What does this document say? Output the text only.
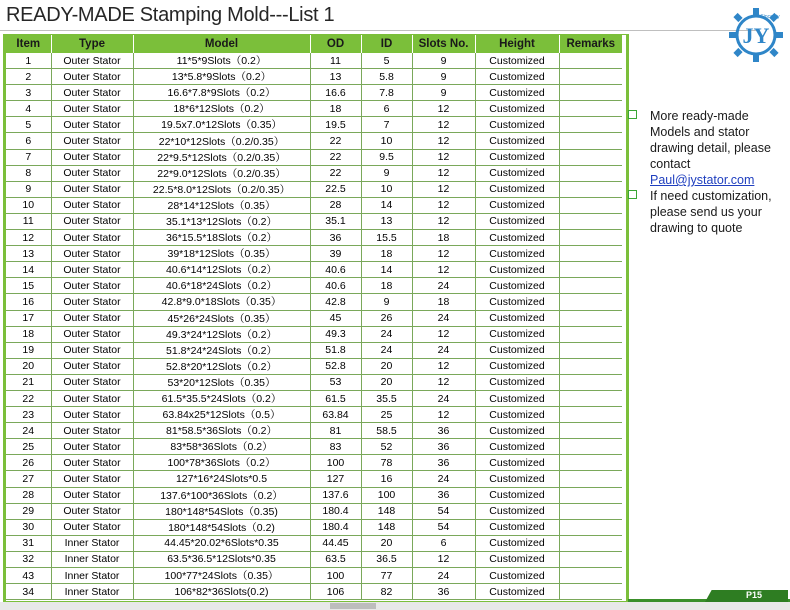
READY-MADE Stamping Mold---List 1
JY
Sincerity
Item	Type	Model	OD	ID	Slots No.	Height	Remarks
1	Outer Stator	11*5*9Slots（0.2）	11	5	9	Customized	
2	Outer Stator	13*5.8*9Slots（0.2）	13	5.8	9	Customized	
3	Outer Stator	16.6*7.8*9Slots（0.2）	16.6	7.8	9	Customized	
4	Outer Stator	18*6*12Slots（0.2）	18	6	12	Customized	
5	Outer Stator	19.5x7.0*12Slots（0.35）	19.5	7	12	Customized	
6	Outer Stator	22*10*12Slots（0.2/0.35）	22	10	12	Customized	
7	Outer Stator	22*9.5*12Slots（0.2/0.35）	22	9.5	12	Customized	
8	Outer Stator	22*9.0*12Slots（0.2/0.35）	22	9	12	Customized	
9	Outer Stator	22.5*8.0*12Slots（0.2/0.35）	22.5	10	12	Customized	
10	Outer Stator	28*14*12Slots（0.35）	28	14	12	Customized	
11	Outer Stator	35.1*13*12Slots（0.2）	35.1	13	12	Customized	
12	Outer Stator	36*15.5*18Slots（0.2）	36	15.5	18	Customized	
13	Outer Stator	39*18*12Slots（0.35）	39	18	12	Customized	
14	Outer Stator	40.6*14*12Slots（0.2）	40.6	14	12	Customized	
15	Outer Stator	40.6*18*24Slots（0.2）	40.6	18	24	Customized	
16	Outer Stator	42.8*9.0*18Slots（0.35）	42.8	9	18	Customized	
17	Outer Stator	45*26*24Slots（0.35）	45	26	24	Customized	
18	Outer Stator	49.3*24*12Slots（0.2）	49.3	24	12	Customized	
19	Outer Stator	51.8*24*24Slots（0.2）	51.8	24	24	Customized	
20	Outer Stator	52.8*20*12Slots（0.2）	52.8	20	12	Customized	
21	Outer Stator	53*20*12Slots（0.35）	53	20	12	Customized	
22	Outer Stator	61.5*35.5*24Slots（0.2）	61.5	35.5	24	Customized	
23	Outer Stator	63.84x25*12Slots（0.5）	63.84	25	12	Customized	
24	Outer Stator	81*58.5*36Slots（0.2）	81	58.5	36	Customized	
25	Outer Stator	83*58*36Slots（0.2）	83	52	36	Customized	
26	Outer Stator	100*78*36Slots（0.2）	100	78	36	Customized	
27	Outer Stator	127*16*24Slots*0.5	127	16	24	Customized	
28	Outer Stator	137.6*100*36Slots（0.2）	137.6	100	36	Customized	
29	Outer Stator	180*148*54Slots（0.35)	180.4	148	54	Customized	
30	Outer Stator	180*148*54Slots（0.2)	180.4	148	54	Customized	
31	Inner Stator	44.45*20.02*6Slots*0.35	44.45	20	6	Customized	
32	Inner Stator	63.5*36.5*12Slots*0.35	63.5	36.5	12	Customized	
43	Inner Stator	100*77*24Slots（0.35）	100	77	24	Customized	
34	Inner Stator	106*82*36Slots(0.2)	106	82	36	Customized	
More ready-made Models and stator drawing detail, please contact
Paul@jystator.com
If need customization, please send us your drawing to quote
P15
